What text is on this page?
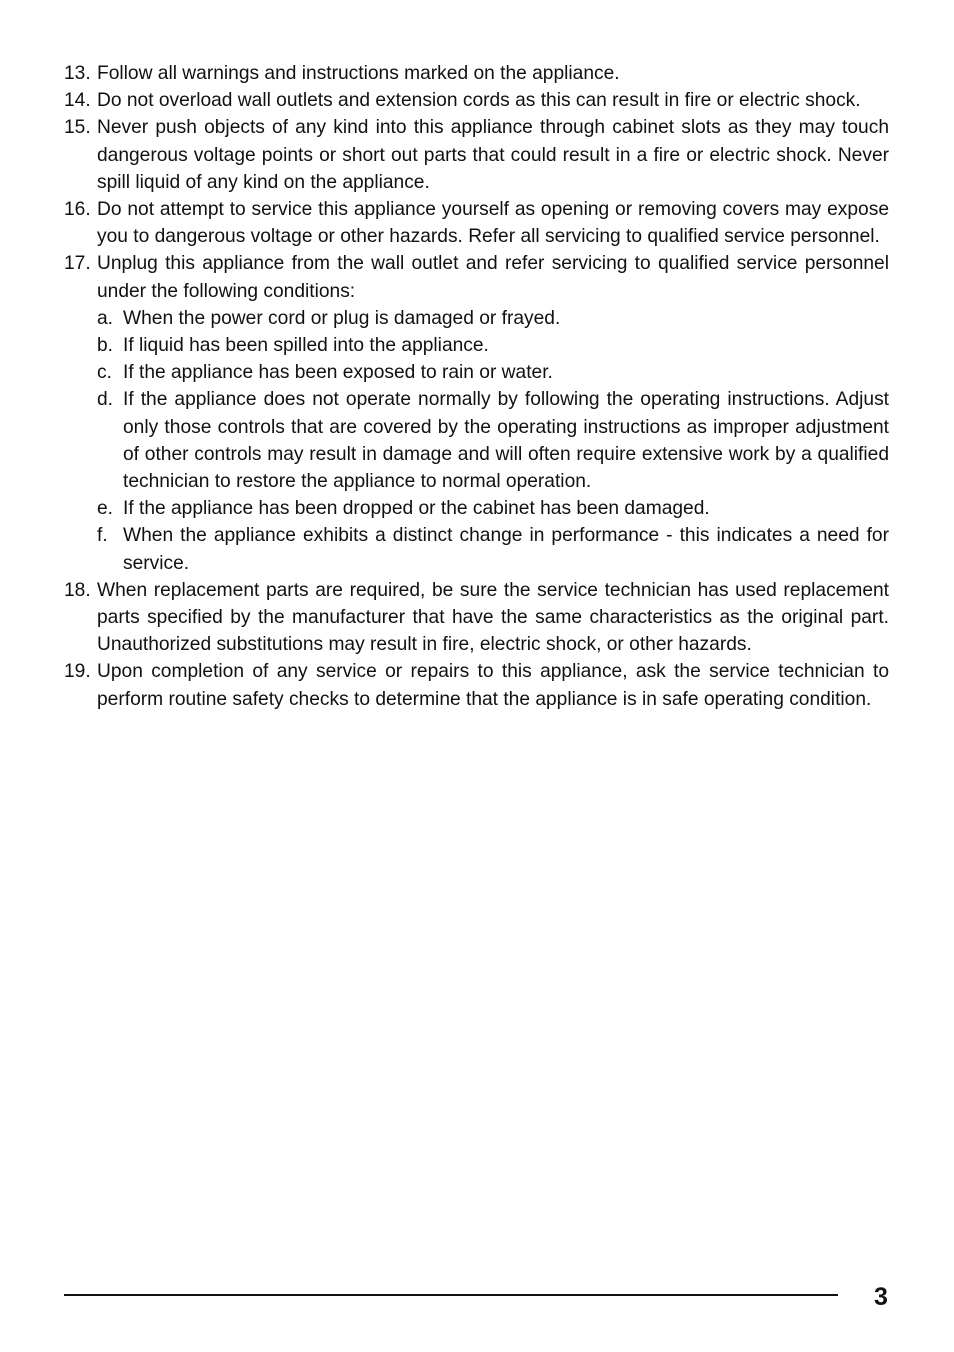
13. Follow all warnings and instructions marked on the appliance.
14. Do not overload wall outlets and extension cords as this can result in fire or electric shock.
15. Never push objects of any kind into this appliance through cabinet slots as they may touch dangerous voltage points or short out parts that could result in a fire or electric shock. Never spill liquid of any kind on the appliance.
16. Do not attempt to service this appliance yourself as opening or removing covers may expose you to dangerous voltage or other hazards. Refer all servicing to qualified service personnel.
17. Unplug this appliance from the wall outlet and refer servicing to qualified service personnel under the following conditions:
a. When the power cord or plug is damaged or frayed.
b. If liquid has been spilled into the appliance.
c. If the appliance has been exposed to rain or water.
d. If the appliance does not operate normally by following the operating instructions. Adjust only those controls that are covered by the operating instructions as improper adjustment of other controls may result in damage and will often require extensive work by a qualified technician to restore the appliance to normal operation.
e. If the appliance has been dropped or the cabinet has been damaged.
f. When the appliance exhibits a distinct change in performance - this indicates a need for service.
18. When replacement parts are required, be sure the service technician has used replacement parts specified by the manufacturer that have the same characteristics as the original part. Unauthorized substitutions may result in fire, electric shock, or other hazards.
19. Upon completion of any service or repairs to this appliance, ask the service technician to perform routine safety checks to determine that the appliance is in safe operating condition.
3
